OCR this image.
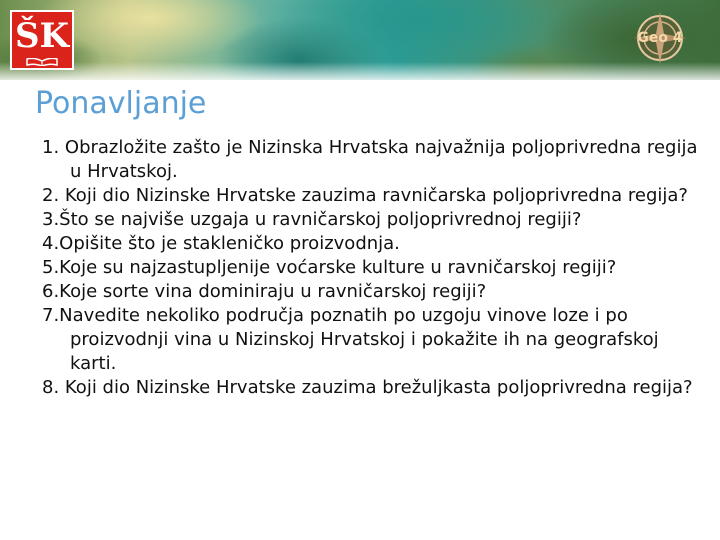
ŠK	Geo 4
Ponavljanje
1. Obrazložite zašto je Nizinska Hrvatska najvažnija poljoprivredna regija u Hrvatskoj.
2. Koji dio Nizinske Hrvatske zauzima ravničarska poljoprivredna regija?
3.Što se najviše uzgaja u ravničarskoj poljoprivrednoj regiji?
4.Opišite što je stakleničko proizvodnja.
5.Koje su najzastupljenije voćarske kulture u ravničarskoj regiji?
6.Koje sorte vina dominiraju u ravničarskoj regiji?
7.Navedite nekoliko područja poznatih po uzgoju vinove loze i po proizvodnji vina u Nizinskoj Hrvatskoj i pokažite ih na geografskoj karti.
8. Koji dio Nizinske Hrvatske zauzima brežuljkasta poljoprivredna regija?
